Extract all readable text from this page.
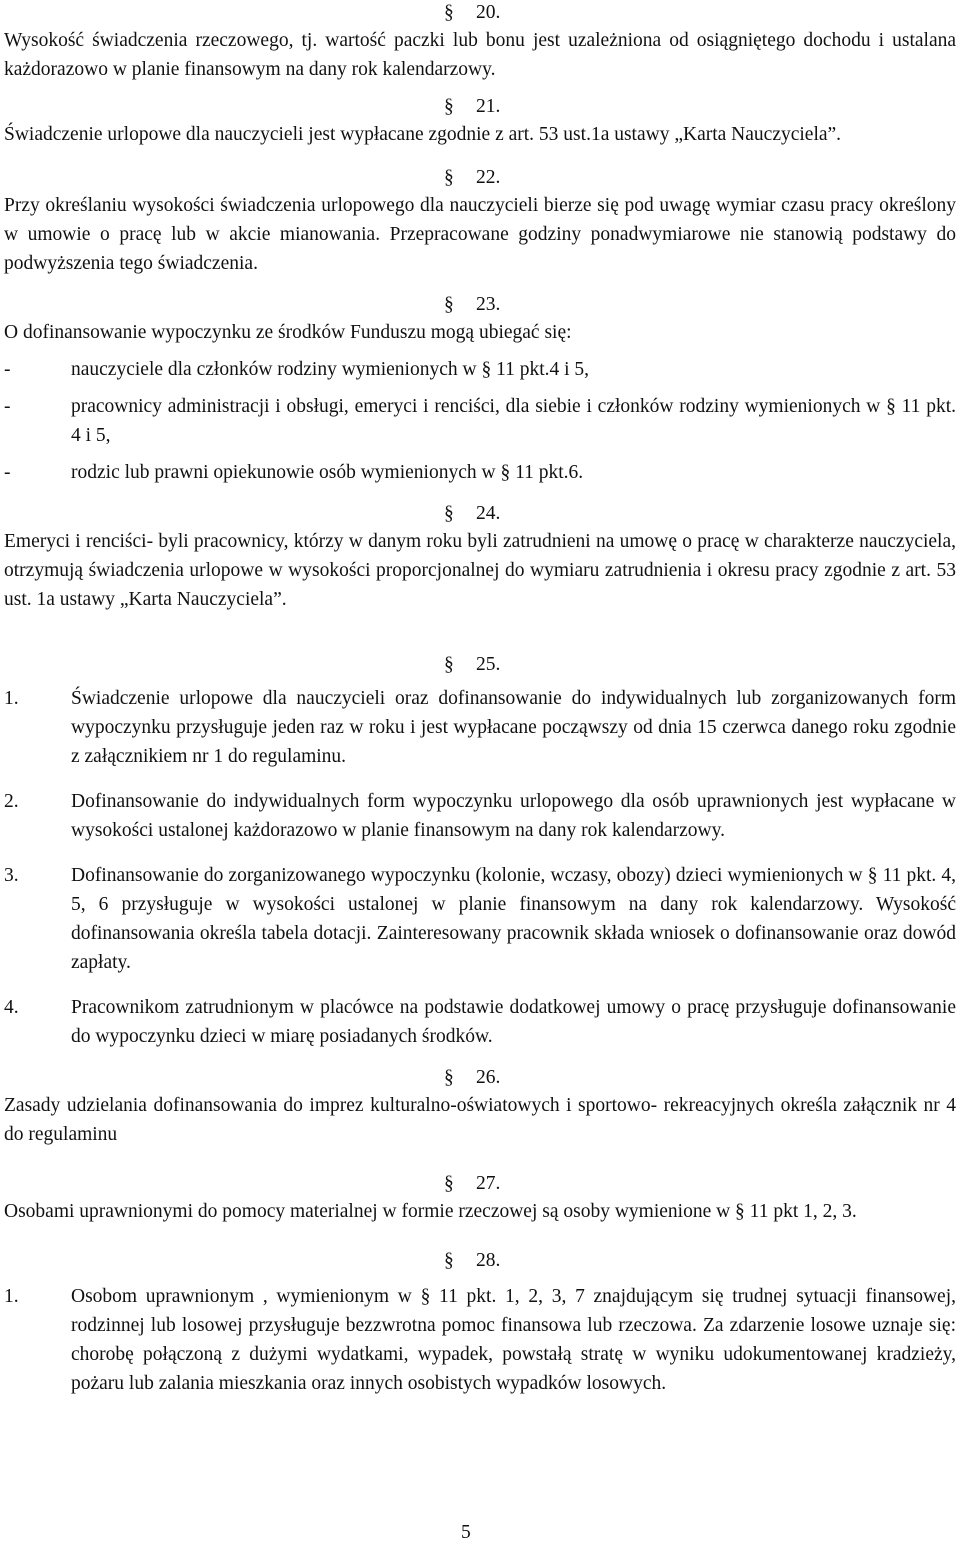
§ 20.

Wysokość świadczenia rzeczowego, tj. wartość paczki lub bonu jest uzależniona od osiągniętego dochodu i ustalana każdorazowo w planie finansowym na dany rok kalendarzowy.

§ 21.

Świadczenie urlopowe dla nauczycieli jest wypłacane zgodnie z art. 53 ust.1a ustawy „Karta Nauczyciela”.

§ 22.

Przy określaniu wysokości świadczenia urlopowego dla nauczycieli bierze się pod uwagę wymiar czasu pracy określony w umowie o pracę lub w akcie mianowania. Przepracowane godziny ponadwymiarowe nie stanowią podstawy do podwyższenia tego świadczenia.

§ 23.

O dofinansowanie wypoczynku ze środków Funduszu mogą ubiegać się:

-	nauczyciele dla członków rodziny wymienionych w § 11 pkt.4 i 5,
-	pracownicy administracji i obsługi, emeryci i renciści, dla siebie i członków rodziny wymienionych w § 11 pkt. 4 i 5,
-	rodzic lub prawni opiekunowie osób wymienionych w § 11 pkt.6.
§ 24.

Emeryci i renciści- byli pracownicy, którzy w danym roku byli zatrudnieni na umowę o pracę w charakterze nauczyciela, otrzymują świadczenia urlopowe w wysokości proporcjonalnej do wymiaru zatrudnienia i okresu pracy zgodnie z art. 53 ust. 1a ustawy „Karta Nauczyciela”.

§ 25.
1.	Świadczenie urlopowe dla nauczycieli oraz dofinansowanie do indywidualnych lub zorganizowanych form wypoczynku przysługuje jeden raz w roku i jest wypłacane począwszy od dnia 15 czerwca danego roku zgodnie z załącznikiem nr 1 do regulaminu.
2.	Dofinansowanie do indywidualnych form wypoczynku urlopowego dla osób uprawnionych jest wypłacane w wysokości ustalonej każdorazowo w planie finansowym na dany rok kalendarzowy.
3.	Dofinansowanie do zorganizowanego wypoczynku (kolonie, wczasy, obozy) dzieci wymienionych w § 11 pkt. 4, 5, 6 przysługuje w wysokości ustalonej w planie finansowym na dany rok kalendarzowy. Wysokość dofinansowania określa tabela dotacji. Zainteresowany pracownik składa wniosek o dofinansowanie oraz dowód zapłaty.
4.	Pracownikom zatrudnionym w placówce na podstawie dodatkowej umowy o pracę przysługuje dofinansowanie do wypoczynku dzieci w miarę posiadanych środków.
§ 26.

Zasady udzielania dofinansowania do imprez kulturalno-oświatowych i sportowo- rekreacyjnych określa załącznik nr 4 do regulaminu

§ 27.

Osobami uprawnionymi do pomocy materialnej w formie rzeczowej są osoby wymienione w § 11 pkt 1, 2, 3.

§ 28.
1.	Osobom uprawnionym , wymienionym w § 11 pkt. 1, 2, 3, 7 znajdującym się trudnej sytuacji finansowej, rodzinnej lub losowej przysługuje bezzwrotna pomoc finansowa lub rzeczowa. Za zdarzenie losowe uznaje się: chorobę połączoną z dużymi wydatkami, wypadek, powstałą stratę w wyniku udokumentowanej kradzieży, pożaru lub zalania mieszkania oraz innych osobistych wypadków losowych.
5
